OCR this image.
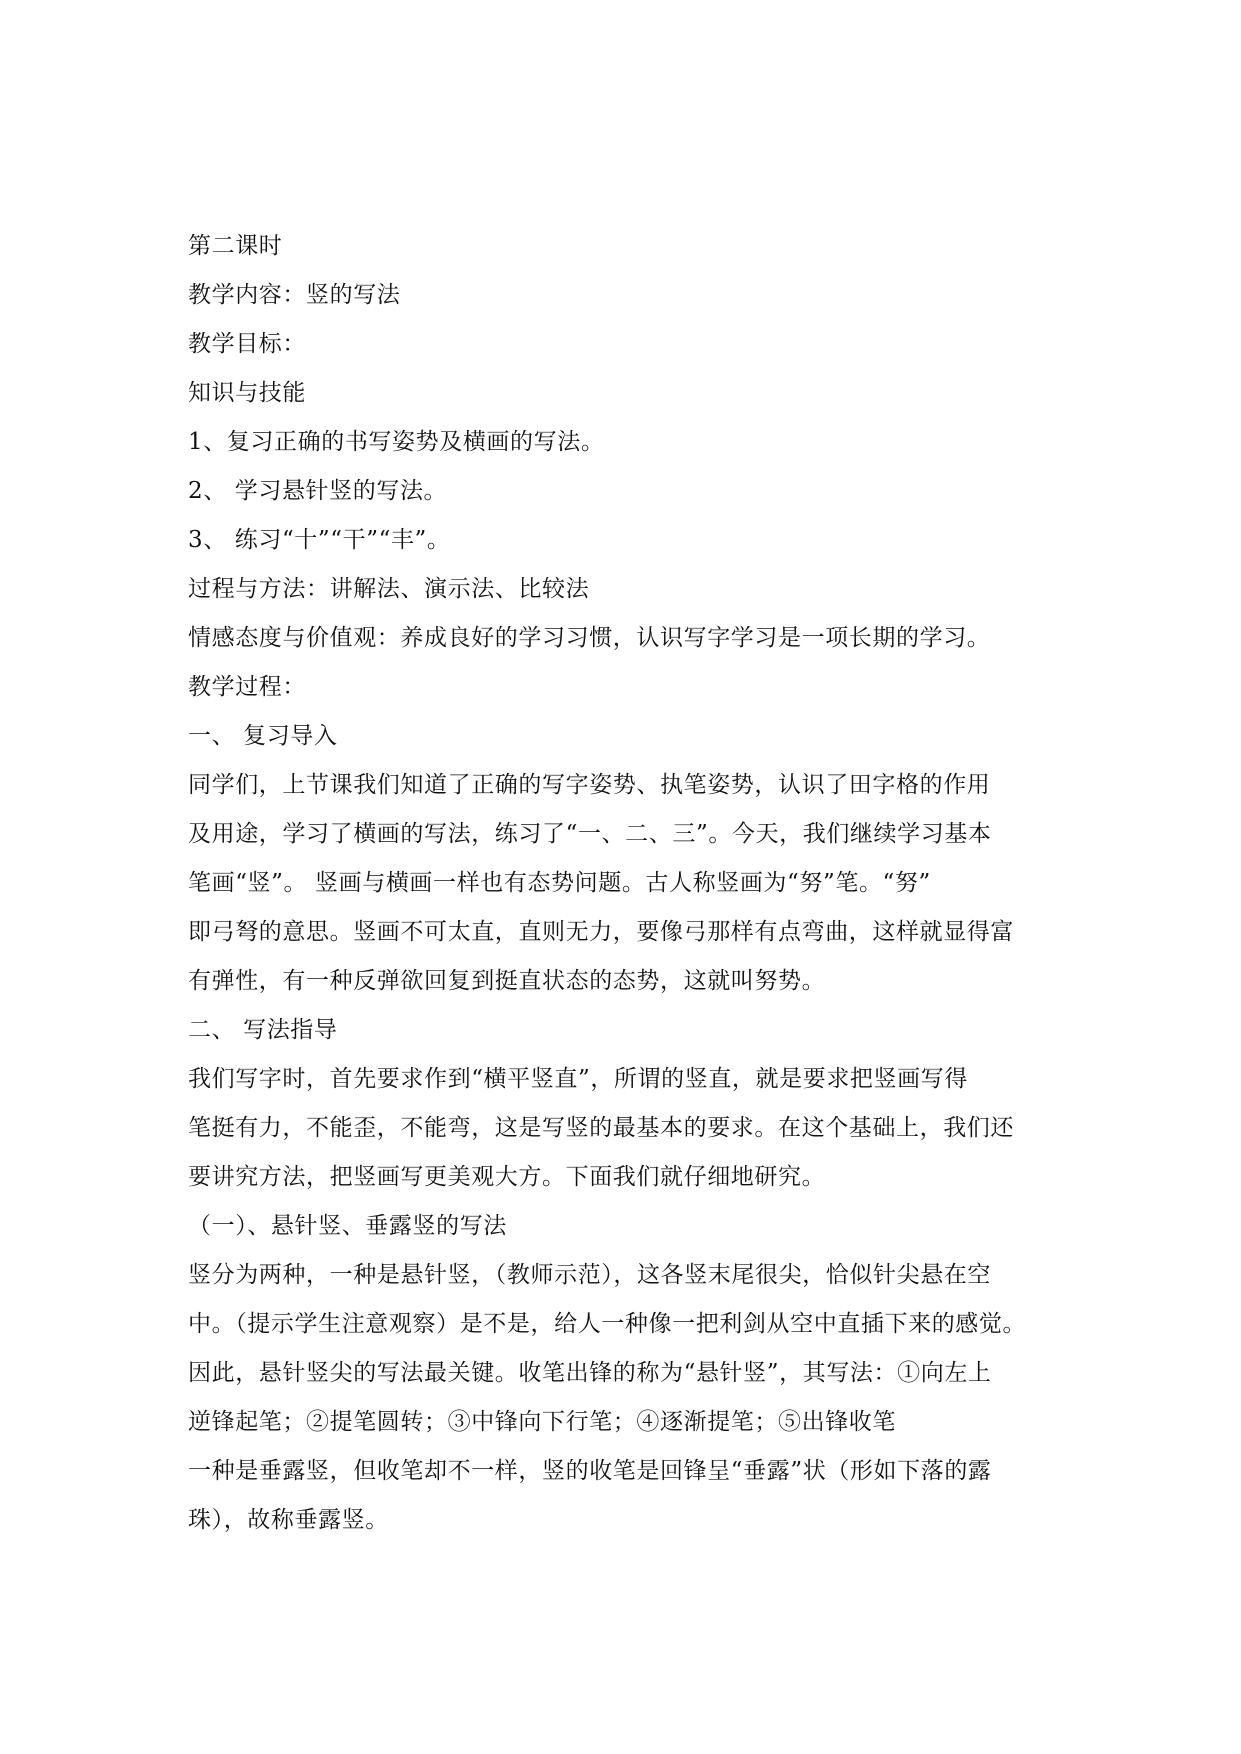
第二课时
教学内容：竖的写法
教学目标：
知识与技能
1、复习正确的书写姿势及横画的写法。
2、 学习悬针竖的写法。
3、 练习“十”“干”“丰”。
过程与方法：讲解法、演示法、比较法
情感态度与价值观：养成良好的学习习惯，认识写字学习是一项长期的学习。
教学过程：
一、 复习导入
同学们，上节课我们知道了正确的写字姿势、执笔姿势，认识了田字格的作用
及用途，学习了横画的写法，练习了“一、二、三”。今天，我们继续学习基本
笔画“竖”。 竖画与横画一样也有态势问题。古人称竖画为“努”笔。“努”
即弓弩的意思。竖画不可太直，直则无力，要像弓那样有点弯曲，这样就显得富
有弹性，有一种反弹欲回复到挺直状态的态势，这就叫努势。
二、 写法指导
我们写字时，首先要求作到“横平竖直”，所谓的竖直，就是要求把竖画写得
笔挺有力，不能歪，不能弯，这是写竖的最基本的要求。在这个基础上，我们还
要讲究方法，把竖画写更美观大方。下面我们就仔细地研究。
（一）、悬针竖、垂露竖的写法
竖分为两种，一种是悬针竖，（教师示范），这各竖末尾很尖，恰似针尖悬在空
中。（提示学生注意观察）是不是，给人一种像一把利剑从空中直插下来的感觉。
因此，悬针竖尖的写法最关键。收笔出锋的称为“悬针竖”，其写法：①向左上
逆锋起笔；②提笔圆转；③中锋向下行笔；④逐渐提笔；⑤出锋收笔
一种是垂露竖，但收笔却不一样，竖的收笔是回锋呈“垂露”状（形如下落的露
珠），故称垂露竖。
